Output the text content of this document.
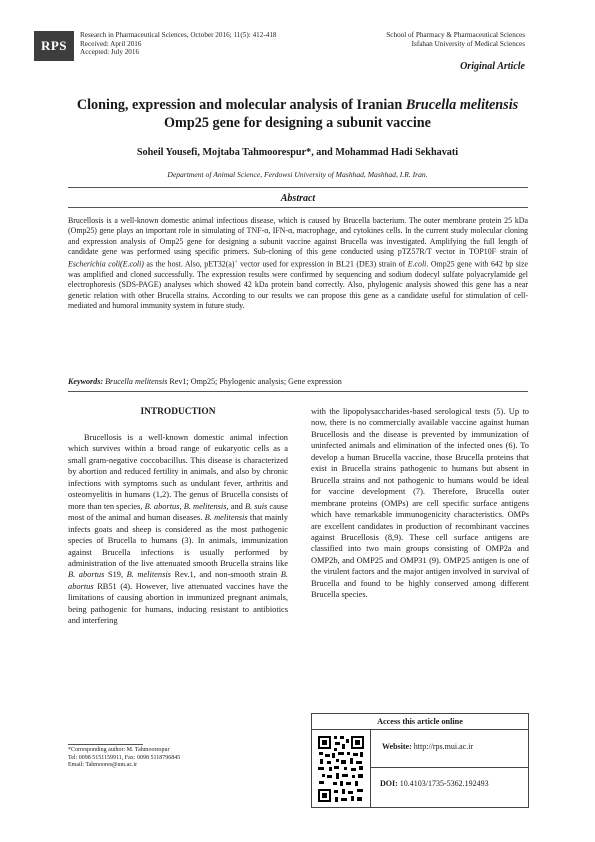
RPS
Research in Pharmaceutical Sciences, October 2016; 11(5): 412-418
Received: April 2016
Accepted: July 2016
School of Pharmacy & Pharmaceutical Sciences
Isfahan University of Medical Sciences
Original Article
Cloning, expression and molecular analysis of Iranian Brucella melitensis Omp25 gene for designing a subunit vaccine
Soheil Yousefi, Mojtaba Tahmoorespur*, and Mohammad Hadi Sekhavati
Department of Animal Science, Ferdowsi University of Mashhad, Mashhad, I.R. Iran.
Abstract
Brucellosis is a well-known domestic animal infectious disease, which is caused by Brucella bacterium. The outer membrane protein 25 kDa (Omp25) gene plays an important role in simulating of TNF-α, IFN-α, macrophage, and cytokines cells. In the current study molecular cloning and expression analysis of Omp25 gene for designing a subunit vaccine against Brucella was investigated. Amplifying the full length of candidate gene was performed using specific primers. Sub-cloning of this gene conducted using pTZ57R/T vector in TOP10F strain of Escherichia coli(E.coli) as the host. Also, pET32(a)+ vector used for expression in BL21 (DE3) strain of E.coli. Omp25 gene with 642 bp size was amplified and cloned successfully. The expression results were confirmed by sequencing and sodium dodecyl sulfate polyacrylamide gel electrophoresis (SDS-PAGE) analyses which showed 42 kDa protein band correctly. Also, phylogenic analysis showed this gene has a near genetic relation with other Brucella strains. According to our results we can propose this gene as a candidate useful for stimulation of cell-mediated and humoral immunity system in future study.
Keywords: Brucella melitensis Rev1; Omp25; Phylogenic analysis; Gene expression
INTRODUCTION

Brucellosis is a well-known domestic animal infection which survives within a broad range of eukaryotic cells as a small gram-negative coccobacillus. This disease is characterized by abortion and reduced fertility in animals, and also by chronic infections with symptoms such as undulant fever, arthritis and osteomyelitis in humans (1,2). The genus of Brucella consists of more than ten species, B. abortus, B. melitensis, and B. suis cause most of the animal and human diseases. B. melitensis that mainly infects goats and sheep is considered as the most pathogenic species of Brucella to humans (3). In animals, immunization against Brucella infections is usually performed by administration of the live attenuated smooth Brucella strains like B. abortus S19, B. melitensis Rev.1, and non-smooth strain B. abortus RB51 (4). However, live attenuated vaccines have the limitations of causing abortion in immunized pregnant animals, being pathogenic for humans, inducing resistant to antibiotics and interfering

with the lipopolysaccharides-based serological tests (5). Up to now, there is no commercially available vaccine against human Brucellosis and the disease is prevented by immunization of uninfected animals and elimination of the infected ones (6). To develop a human Brucella vaccine, those Brucella proteins that exist in Brucella strains pathogenic to humans but absent in Brucella strains and not pathogenic to humans would be ideal for vaccine development (7). Therefore, Brucella outer membrane proteins (OMPs) are cell specific surface antigens which have remarkable immunogenicity characteristics. OMPs are excellent candidates in production of recombinant vaccines against Brucellosis (8,9). These cell surface antigens are classified into two main groups consisting of OMP2a and OMP2b, and OMP25 and OMP31 (9). OMP25 antigen is one of the virulent factors and the major antigen involved in survival of Brucella and found to be highly conserved among different Brucella species.

*Corresponding author: M. Tahmoorespur
Tel: 0098 5151159911, Fax: 0098 5118796845
Email: Tahmoores@um.ac.ir
Access this article online
Website: http://rps.mui.ac.ir
DOI: 10.4103/1735-5362.192493
